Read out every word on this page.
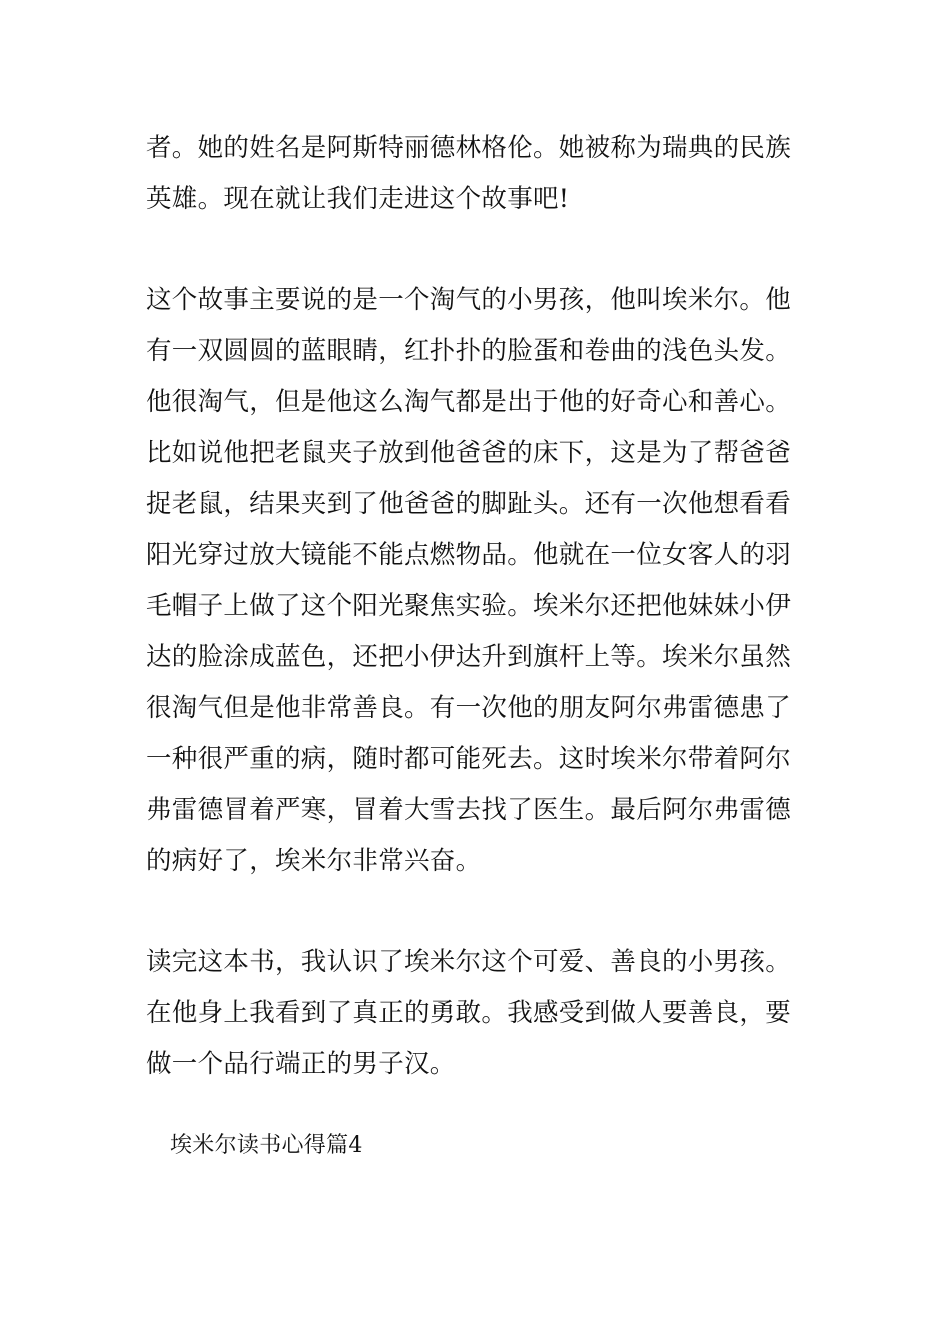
者。她的姓名是阿斯特丽德林格伦。她被称为瑞典的民族
英雄。现在就让我们走进这个故事吧!
这个故事主要说的是一个淘气的小男孩，他叫埃米尔。他
有一双圆圆的蓝眼睛，红扑扑的脸蛋和卷曲的浅色头发。
他很淘气，但是他这么淘气都是出于他的好奇心和善心。
比如说他把老鼠夹子放到他爸爸的床下，这是为了帮爸爸
捉老鼠，结果夹到了他爸爸的脚趾头。还有一次他想看看
阳光穿过放大镜能不能点燃物品。他就在一位女客人的羽
毛帽子上做了这个阳光聚焦实验。埃米尔还把他妹妹小伊
达的脸涂成蓝色，还把小伊达升到旗杆上等。埃米尔虽然
很淘气但是他非常善良。有一次他的朋友阿尔弗雷德患了
一种很严重的病，随时都可能死去。这时埃米尔带着阿尔
弗雷德冒着严寒，冒着大雪去找了医生。最后阿尔弗雷德
的病好了，埃米尔非常兴奋。
读完这本书，我认识了埃米尔这个可爱、善良的小男孩。
在他身上我看到了真正的勇敢。我感受到做人要善良，要
做一个品行端正的男子汉。
埃米尔读书心得篇4
